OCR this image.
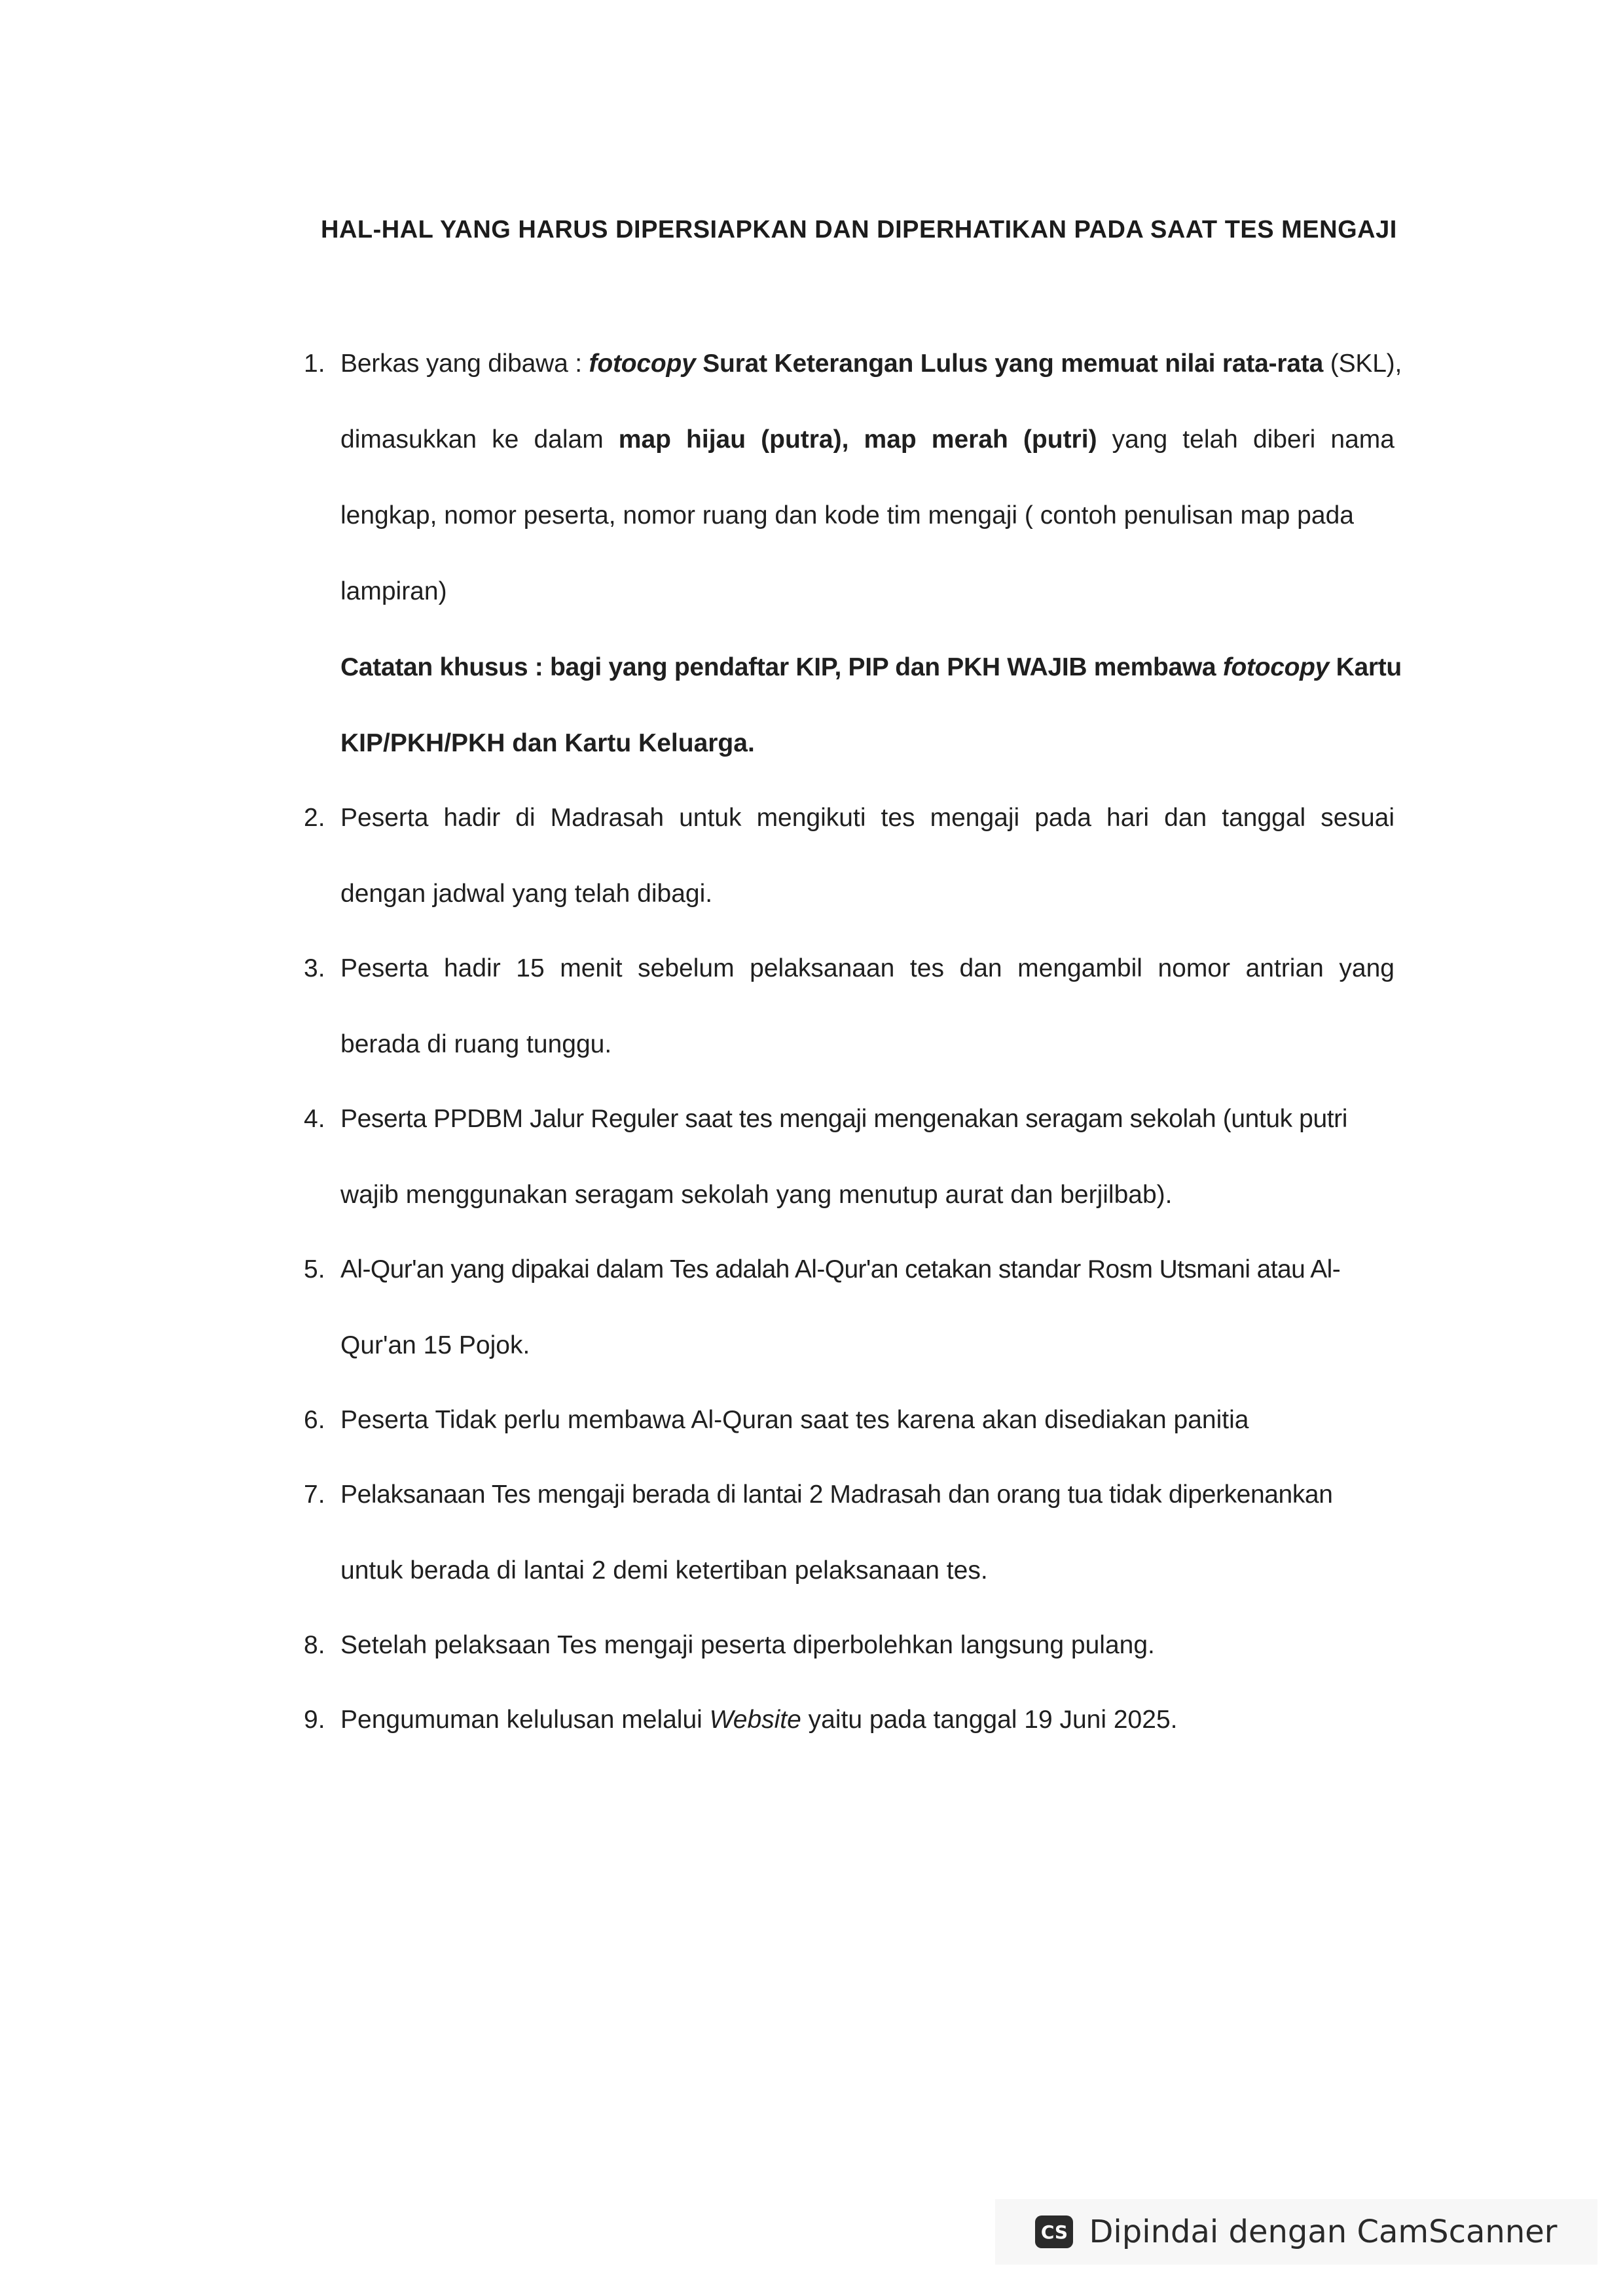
HAL-HAL YANG HARUS DIPERSIAPKAN DAN DIPERHATIKAN PADA SAAT TES MENGAJI
1. Berkas yang dibawa : fotocopy Surat Keterangan Lulus yang memuat nilai rata-rata (SKL),
dimasukkan ke dalam map hijau (putra), map merah (putri) yang telah diberi nama
lengkap, nomor peserta, nomor ruang dan kode tim mengaji ( contoh penulisan map pada
lampiran)
Catatan khusus : bagi yang pendaftar KIP, PIP dan PKH WAJIB membawa fotocopy Kartu
KIP/PKH/PKH dan Kartu Keluarga.
2. Peserta hadir di Madrasah untuk mengikuti tes mengaji pada hari dan tanggal sesuai
dengan jadwal yang telah dibagi.
3. Peserta hadir 15 menit sebelum pelaksanaan tes dan mengambil nomor antrian yang
berada di ruang tunggu.
4. Peserta PPDBM Jalur Reguler saat tes mengaji mengenakan seragam sekolah (untuk putri
wajib menggunakan seragam sekolah yang menutup aurat dan berjilbab).
5. Al-Qur'an yang dipakai dalam Tes adalah Al-Qur'an cetakan standar Rosm Utsmani atau Al-
Qur'an 15 Pojok.
6. Peserta Tidak perlu membawa Al-Quran saat tes karena akan disediakan panitia
7. Pelaksanaan Tes mengaji berada di lantai 2 Madrasah dan orang tua tidak diperkenankan
untuk berada di lantai 2 demi ketertiban pelaksanaan tes.
8. Setelah pelaksaan Tes mengaji peserta diperbolehkan langsung pulang.
9. Pengumuman kelulusan melalui Website yaitu pada tanggal 19 Juni 2025.
CS Dipindai dengan CamScanner
